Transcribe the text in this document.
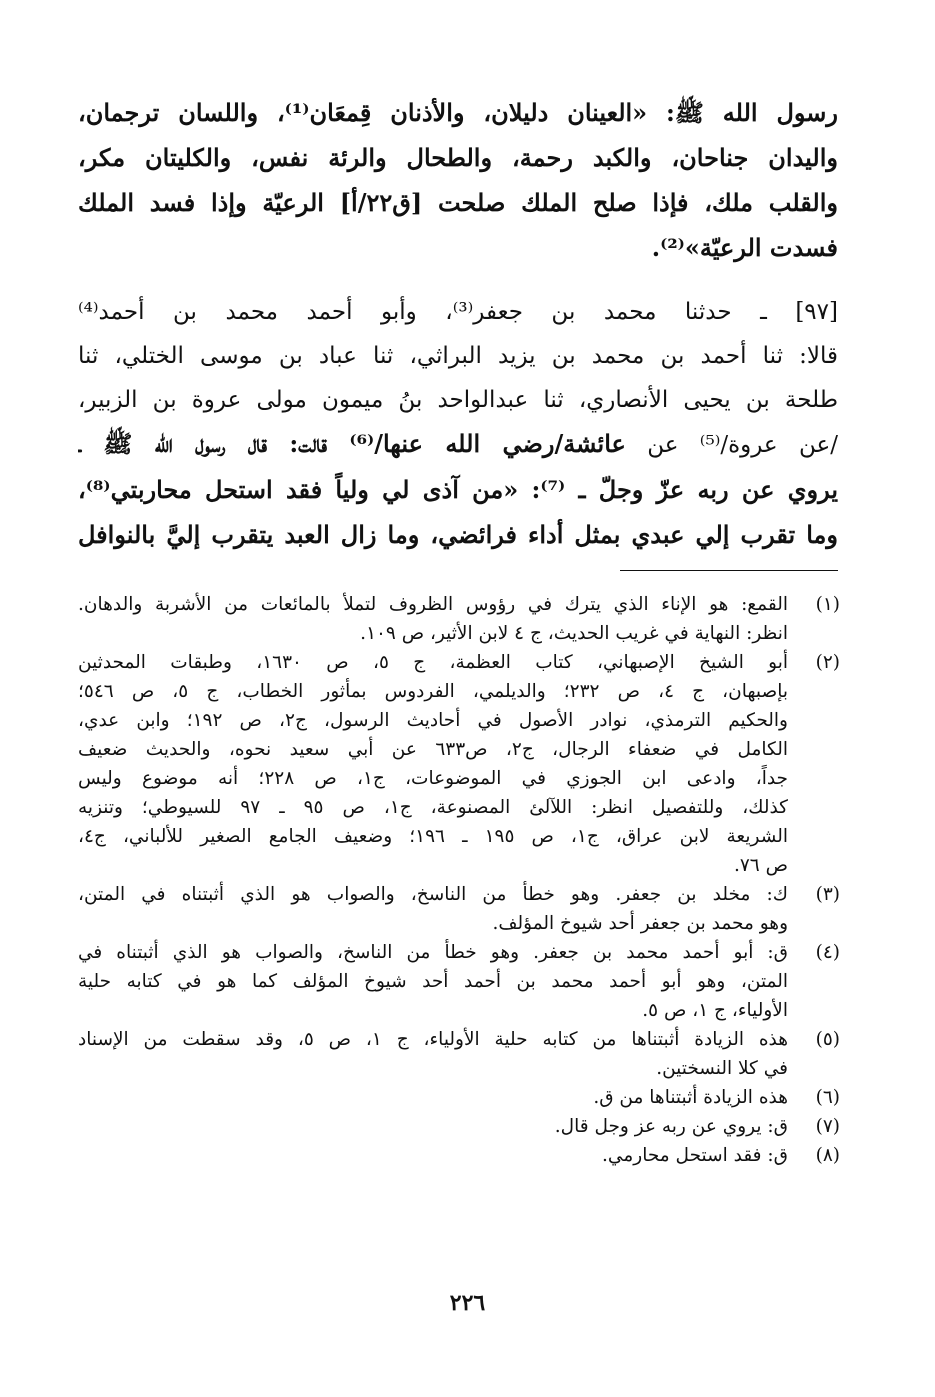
رسول الله ﷺ: «العينان دليلان، والأذنان قِمعَان⁽¹⁾، واللسان ترجمان،
واليدان جناحان، والكبد رحمة، والطحال والرئة نفس، والكليتان مكر،
والقلب ملك، فإذا صلح الملك صلحت [ق٢٢/أ] الرعيّة وإذا فسد الملك
فسدت الرعيّة»⁽²⁾.
[٩٧] ـ حدثنا محمد بن جعفر⁽³⁾، وأبو أحمد محمد بن أحمد⁽⁴⁾
قالا: ثنا أحمد بن محمد بن يزيد البراثي، ثنا عباد بن موسى الختلي، ثنا
طلحة بن يحيى الأنصاري، ثنا عبدالواحد بنُ ميمون مولى عروة بن الزبير،
/عن عروة/⁽⁵⁾ عن عائشة/رضي الله عنها/⁽⁶⁾ قالت: قال رسول الله ﷺ ـ
يروي عن ربه عزّ وجلّ ـ ⁽⁷⁾: «من آذى لي ولياً فقد استحل محاربتي⁽⁸⁾،
وما تقرب إلي عبدي بمثل أداء فرائضي، وما زال العبد يتقرب إليَّ بالنوافل
(١)
القمع: هو الإناء الذي يترك في رؤوس الظروف لتملأ بالمائعات من الأشربة والدهان.
انظر: النهاية في غريب الحديث، ج ٤ لابن الأثير، ص ١٠٩.
(٢)
أبو الشيخ الإصبهاني، كتاب العظمة، ج ٥، ص ١٦٣٠، وطبقات المحدثين
بإصبهان، ج ٤، ص ٢٣٢؛ والديلمي، الفردوس بمأثور الخطاب، ج ٥، ص ٥٤٦؛
والحكيم الترمذي، نوادر الأصول في أحاديث الرسول، ج٢، ص ١٩٢؛ وابن عدي،
الكامل في ضعفاء الرجال، ج٢، ص٦٣٣ عن أبي سعيد نحوه، والحديث ضعيف
جداً، وادعى ابن الجوزي في الموضوعات، ج١، ص ٢٢٨؛ أنه موضوع وليس
كذلك، وللتفصيل انظر: اللآلئ المصنوعة، ج١، ص ٩٥ ـ ٩٧ للسيوطي؛ وتنزيه
الشريعة لابن عراق، ج١، ص ١٩٥ ـ ١٩٦؛ وضعيف الجامع الصغير للألباني، ج٤،
ص ٧٦.
(٣)
ك: مخلد بن جعفر. وهو خطأ من الناسخ، والصواب هو الذي أثبتناه في المتن،
وهو محمد بن جعفر أحد شيوخ المؤلف.
(٤)
ق: أبو أحمد محمد بن جعفر. وهو خطأ من الناسخ، والصواب هو الذي أثبتناه في
المتن، وهو أبو أحمد محمد بن أحمد أحد شيوخ المؤلف كما هو في كتابه حلية
الأولياء، ج ١، ص ٥.
(٥)
هذه الزيادة أثبتناها من كتابه حلية الأولياء، ج ١، ص ٥، وقد سقطت من الإسناد
في كلا النسختين.
(٦)
هذه الزيادة أثبتناها من ق.
(٧)
ق: يروي عن ربه عز وجل قال.
(٨)
ق: فقد استحل محارمي.
٢٢٦
